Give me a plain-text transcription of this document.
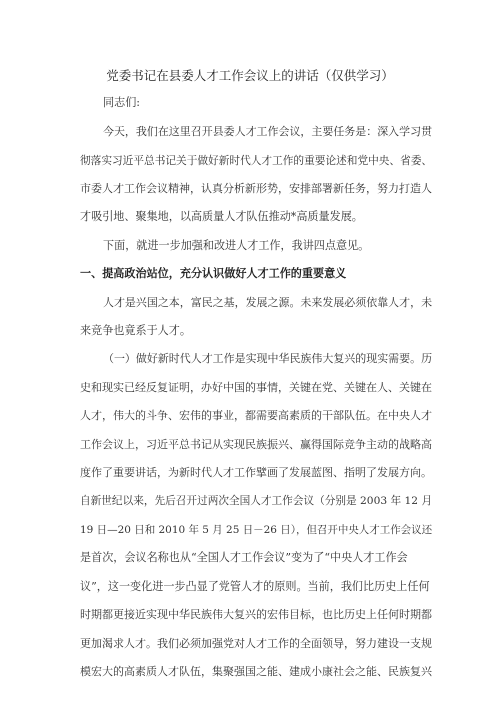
党委书记在县委人才工作会议上的讲话（仅供学习）
同志们:
今天，我们在这里召开县委人才工作会议，主要任务是：深入学习贯
彻落实习近平总书记关于做好新时代人才工作的重要论述和党中央、省委、
市委人才工作会议精神，认真分析新形势，安排部署新任务，努力打造人
才吸引地、聚集地，以高质量人才队伍推动*高质量发展。
下面，就进一步加强和改进人才工作，我讲四点意见。
一、提高政治站位，充分认识做好人才工作的重要意义
人才是兴国之本，富民之基，发展之源。未来发展必须依靠人才，未
来竞争也竟系于人才。
（一）做好新时代人才工作是实现中华民族伟大复兴的现实需要。历
史和现实已经反复证明，办好中国的事情，关键在党、关键在人、关键在
人才，伟大的斗争、宏伟的事业，都需要高素质的干部队伍。在中央人才
工作会议上，习近平总书记从实现民族振兴、赢得国际竞争主动的战略高
度作了重要讲话，为新时代人才工作擘画了发展蓝图、指明了发展方向。
自新世纪以来，先后召开过两次全国人才工作会议（分别是 2003 年 12 月
19 日—20 日和 2010 年 5 月 25 日－26 日），但召开中央人才工作会议还
是首次，会议名称也从“全国人才工作会议”变为了“中央人才工作会
议”，这一变化进一步凸显了党管人才的原则。当前，我们比历史上任何
时期都更接近实现中华民族伟大复兴的宏伟目标，也比历史上任何时期都
更加渴求人才。我们必须加强党对人才工作的全面领导，努力建设一支规
模宏大的高素质人才队伍，集聚强国之能、建成小康社会之能、民族复兴
